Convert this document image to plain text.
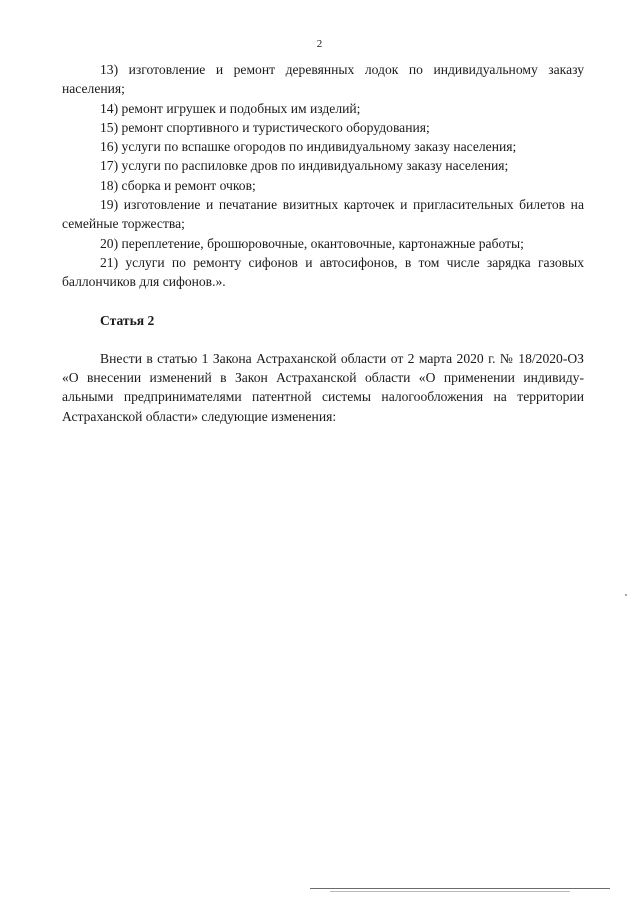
2

13) изготовление и ремонт деревянных лодок по индивидуальному заказу населения;

14) ремонт игрушек и подобных им изделий;

15) ремонт спортивного и туристического оборудования;

16) услуги по вспашке огородов по индивидуальному заказу населения;

17) услуги по распиловке дров по индивидуальному заказу населения;

18) сборка и ремонт очков;

19) изготовление и печатание визитных карточек и пригласительных билетов на семейные торжества;

20) переплетение, брошюровочные, окантовочные, картонажные работы;

21) услуги по ремонту сифонов и автосифонов, в том числе зарядка газовых баллончиков для сифонов.».

Статья 2

Внести в статью 1 Закона Астраханской области от 2 марта 2020 г. № 18/2020-ОЗ «О внесении изменений в Закон Астраханской области «О применении индивиду-альными предпринимателями патентной системы налогообложения на территории Астраханской области» следующие изменения:
